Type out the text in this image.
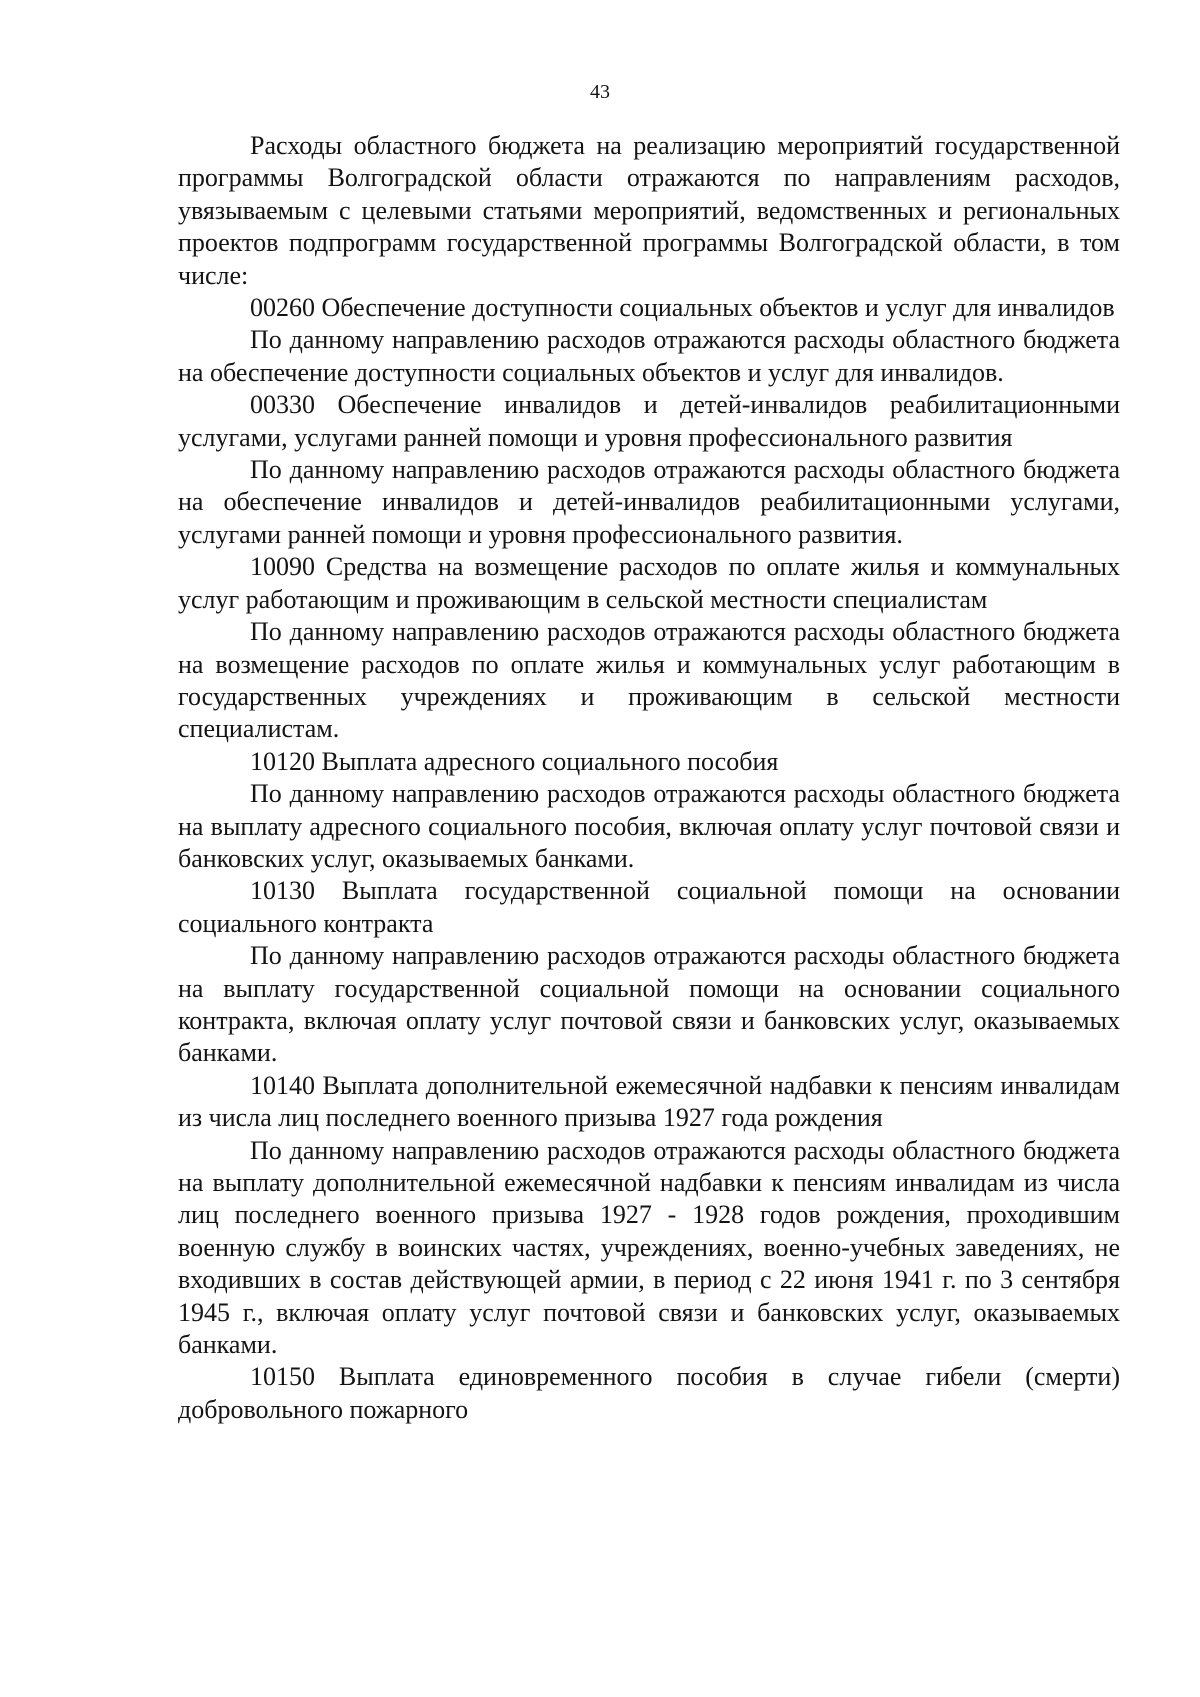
43

Расходы областного бюджета на реализацию мероприятий государственной программы Волгоградской области отражаются по направлениям расходов, увязываемым с целевыми статьями мероприятий, ведомственных и региональных проектов подпрограмм государственной программы Волгоградской области, в том числе:

00260 Обеспечение доступности социальных объектов и услуг для инвалидов

По данному направлению расходов отражаются расходы областного бюджета на обеспечение доступности социальных объектов и услуг для инвалидов.

00330 Обеспечение инвалидов и детей-инвалидов реабилитационными услугами, услугами ранней помощи и уровня профессионального развития

По данному направлению расходов отражаются расходы областного бюджета на обеспечение инвалидов и детей-инвалидов реабилитационными услугами, услугами ранней помощи и уровня профессионального развития.

10090 Средства на возмещение расходов по оплате жилья и коммунальных услуг работающим и проживающим в сельской местности специалистам

По данному направлению расходов отражаются расходы областного бюджета на возмещение расходов по оплате жилья и коммунальных услуг работающим в государственных учреждениях и проживающим в сельской местности специалистам.

10120 Выплата адресного социального пособия

По данному направлению расходов отражаются расходы областного бюджета на выплату адресного социального пособия, включая оплату услуг почтовой связи и банковских услуг, оказываемых банками.

10130 Выплата государственной социальной помощи на основании социального контракта

По данному направлению расходов отражаются расходы областного бюджета на выплату государственной социальной помощи на основании социального контракта, включая оплату услуг почтовой связи и банковских услуг, оказываемых банками.

10140 Выплата дополнительной ежемесячной надбавки к пенсиям инвалидам из числа лиц последнего военного призыва 1927 года рождения

По данному направлению расходов отражаются расходы областного бюджета на выплату дополнительной ежемесячной надбавки к пенсиям инвалидам из числа лиц последнего военного призыва 1927 - 1928 годов рождения, проходившим военную службу в воинских частях, учреждениях, военно-учебных заведениях, не входивших в состав действующей армии, в период с 22 июня 1941 г. по 3 сентября 1945 г., включая оплату услуг почтовой связи и банковских услуг, оказываемых банками.

10150 Выплата единовременного пособия в случае гибели (смерти) добровольного пожарного
